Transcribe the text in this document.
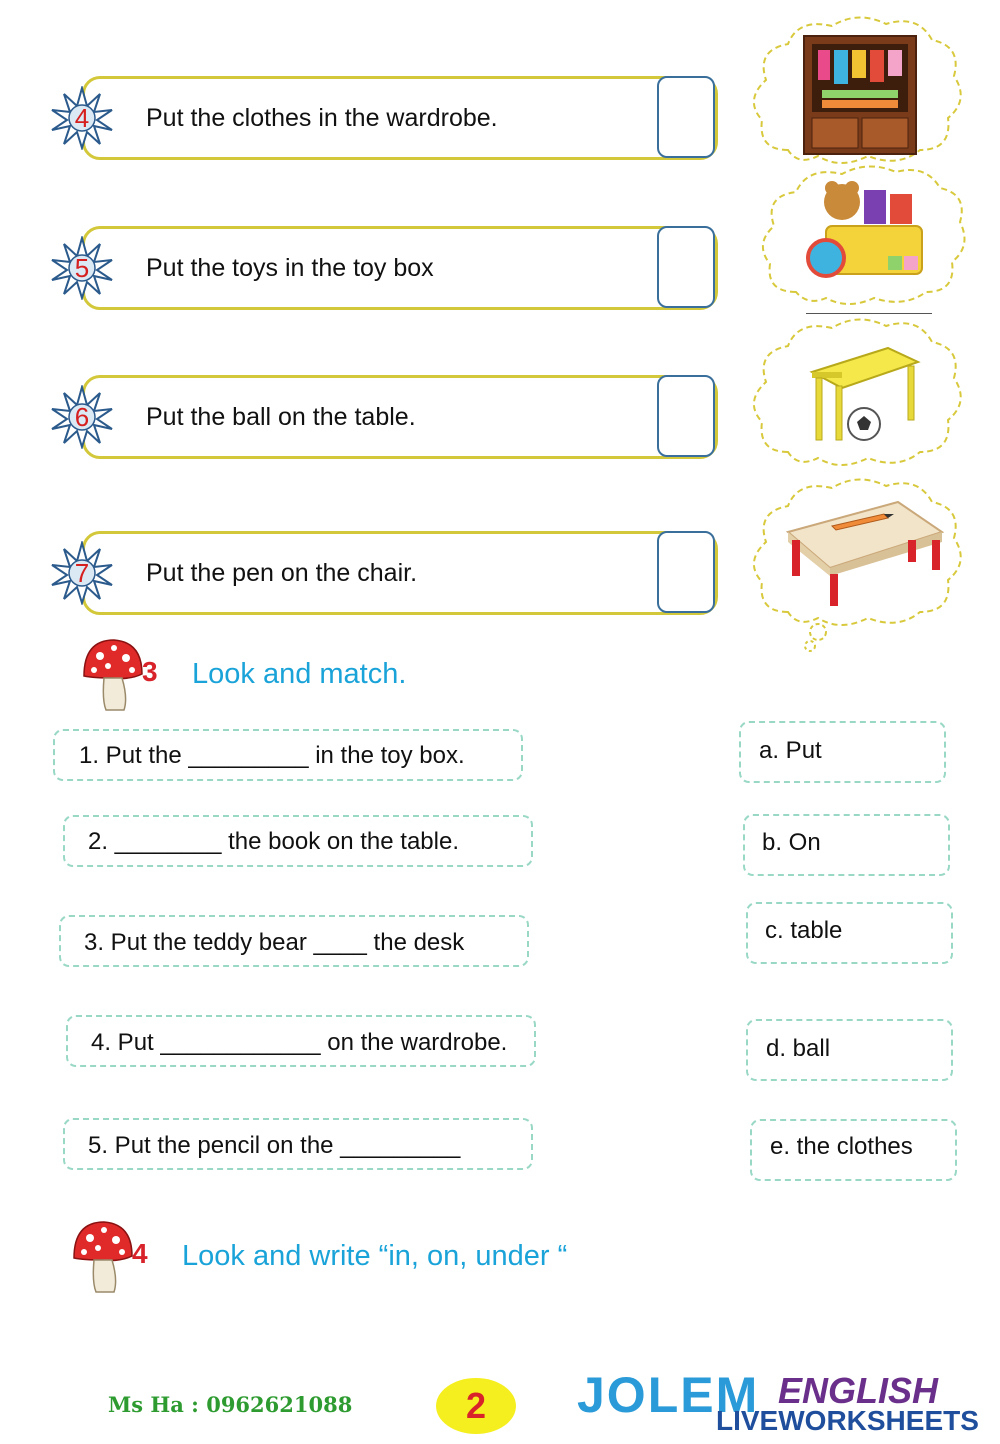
Put the clothes in the wardrobe.
4
Put the toys in the toy box
5
Put the ball on the table.
6
Put the pen on the chair.
7
3 Look and match.
1. Put the _________ in the toy box.
2. ________ the book on the table.
3. Put the teddy bear ____ the desk
4. Put ____________ on the wardrobe.
5. Put the pencil on the _________
a. Put
b. On
c. table
d. ball
e. the clothes
4 Look and write “in, on, under “
Ms Ha : 0962621088	2	JOLEM ENGLISH
LIVEWORKSHEETS
